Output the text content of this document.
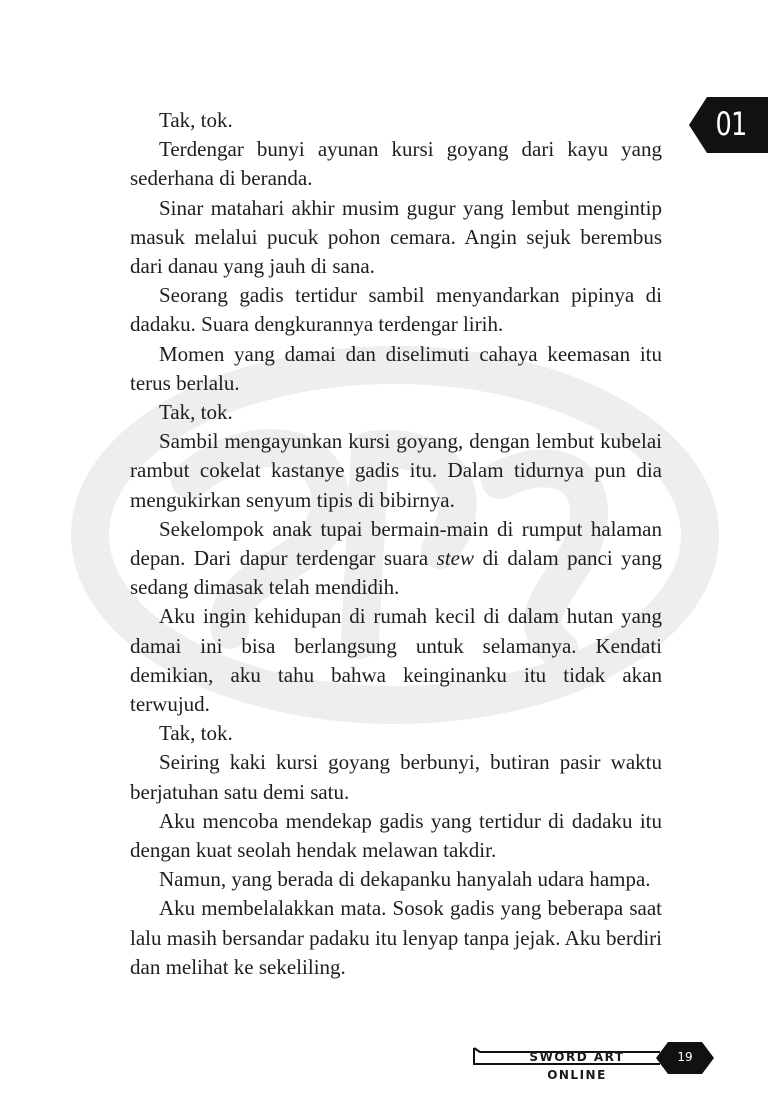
01

Tak, tok.

Terdengar bunyi ayunan kursi goyang dari kayu yang sederhana di beranda.

Sinar matahari akhir musim gugur yang lembut mengintip masuk melalui pucuk pohon cemara. Angin sejuk berembus dari danau yang jauh di sana.

Seorang gadis tertidur sambil menyandarkan pipinya di dadaku. Suara dengkurannya terdengar lirih.

Momen yang damai dan diselimuti cahaya keemasan itu terus berlalu.

Tak, tok.

Sambil mengayunkan kursi goyang, dengan lembut kubelai rambut cokelat kastanye gadis itu. Dalam tidurnya pun dia mengukirkan senyum tipis di bibirnya.

Sekelompok anak tupai bermain-main di rumput halaman depan. Dari dapur terdengar suara stew di dalam panci yang sedang dimasak telah mendidih.

Aku ingin kehidupan di rumah kecil di dalam hutan yang damai ini bisa berlangsung untuk selamanya. Kendati demikian, aku tahu bahwa keinginanku itu tidak akan terwujud.

Tak, tok.

Seiring kaki kursi goyang berbunyi, butiran pasir waktu berjatuhan satu demi satu.

Aku mencoba mendekap gadis yang tertidur di dadaku itu dengan kuat seolah hendak melawan takdir.

Namun, yang berada di dekapanku hanyalah udara hampa.

Aku membelalakkan mata. Sosok gadis yang beberapa saat lalu masih bersandar padaku itu lenyap tanpa jejak. Aku berdiri dan melihat ke sekeliling.

SWORD ART ONLINE
19
